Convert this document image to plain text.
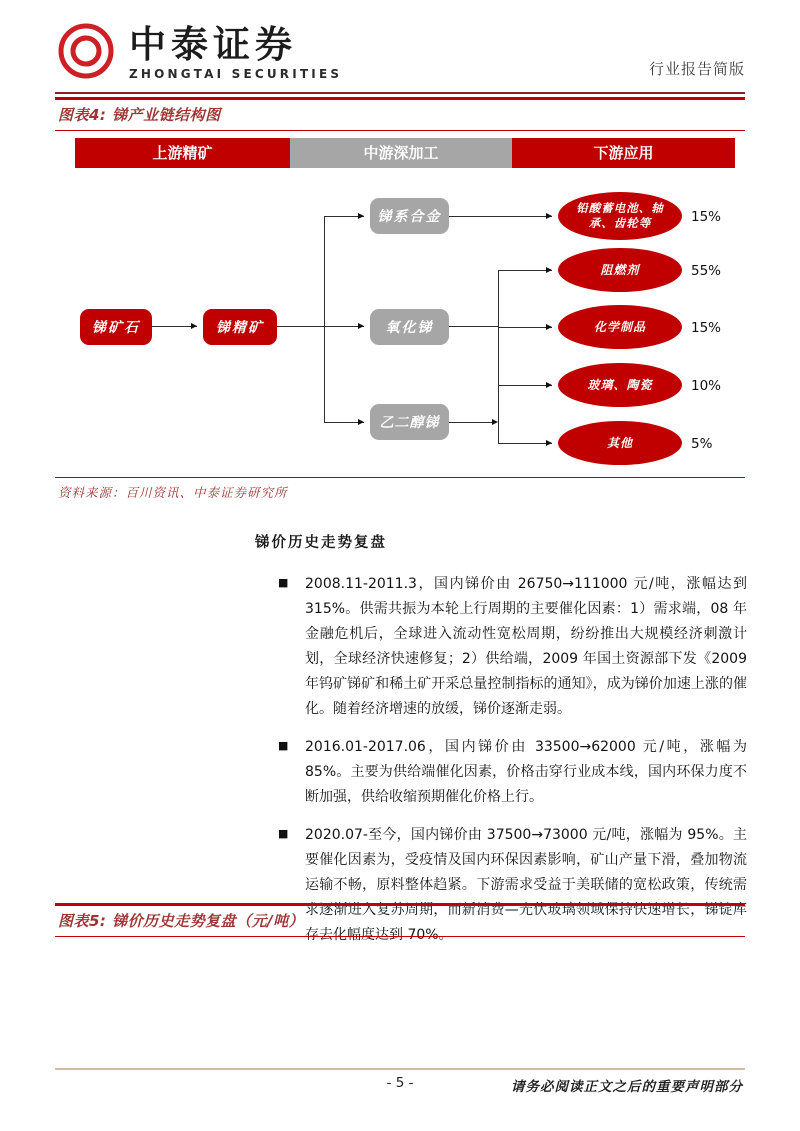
中泰证券
ZHONGTAI SECURITIES	行业报告简版
图表4: 锑产业链结构图
上游精矿	中游深加工	下游应用
锑矿石	锑精矿
锑系合金
氧化锑
乙二醇锑
铅酸蓄电池、轴承、齿轮等
阻燃剂
化学制品
玻璃、陶瓷
其他
15%
55%
15%
10%
5%
资料来源：百川资讯、中泰证券研究所
锑价历史走势复盘
■	2008.11-2011.3，国内锑价由 26750→111000 元/吨，涨幅达到 315%。供需共振为本轮上行周期的主要催化因素：1）需求端，08 年金融危机后，全球进入流动性宽松周期，纷纷推出大规模经济刺激计划，全球经济快速修复；2）供给端，2009 年国土资源部下发《2009 年钨矿锑矿和稀土矿开采总量控制指标的通知》，成为锑价加速上涨的催化。随着经济增速的放缓，锑价逐渐走弱。
■	2016.01-2017.06，国内锑价由 33500→62000 元/吨，涨幅为 85%。主要为供给端催化因素，价格击穿行业成本线，国内环保力度不断加强，供给收缩预期催化价格上行。
■	2020.07-至今，国内锑价由 37500→73000 元/吨，涨幅为 95%。主要催化因素为，受疫情及国内环保因素影响，矿山产量下滑，叠加物流运输不畅，原料整体趋紧。下游需求受益于美联储的宽松政策，传统需求逐渐进入复苏周期，而新消费—光伏玻璃领域保持快速增长，锑锭库存去化幅度达到 70%。
图表5: 锑价历史走势复盘（元/吨）
- 5 -	请务必阅读正文之后的重要声明部分
